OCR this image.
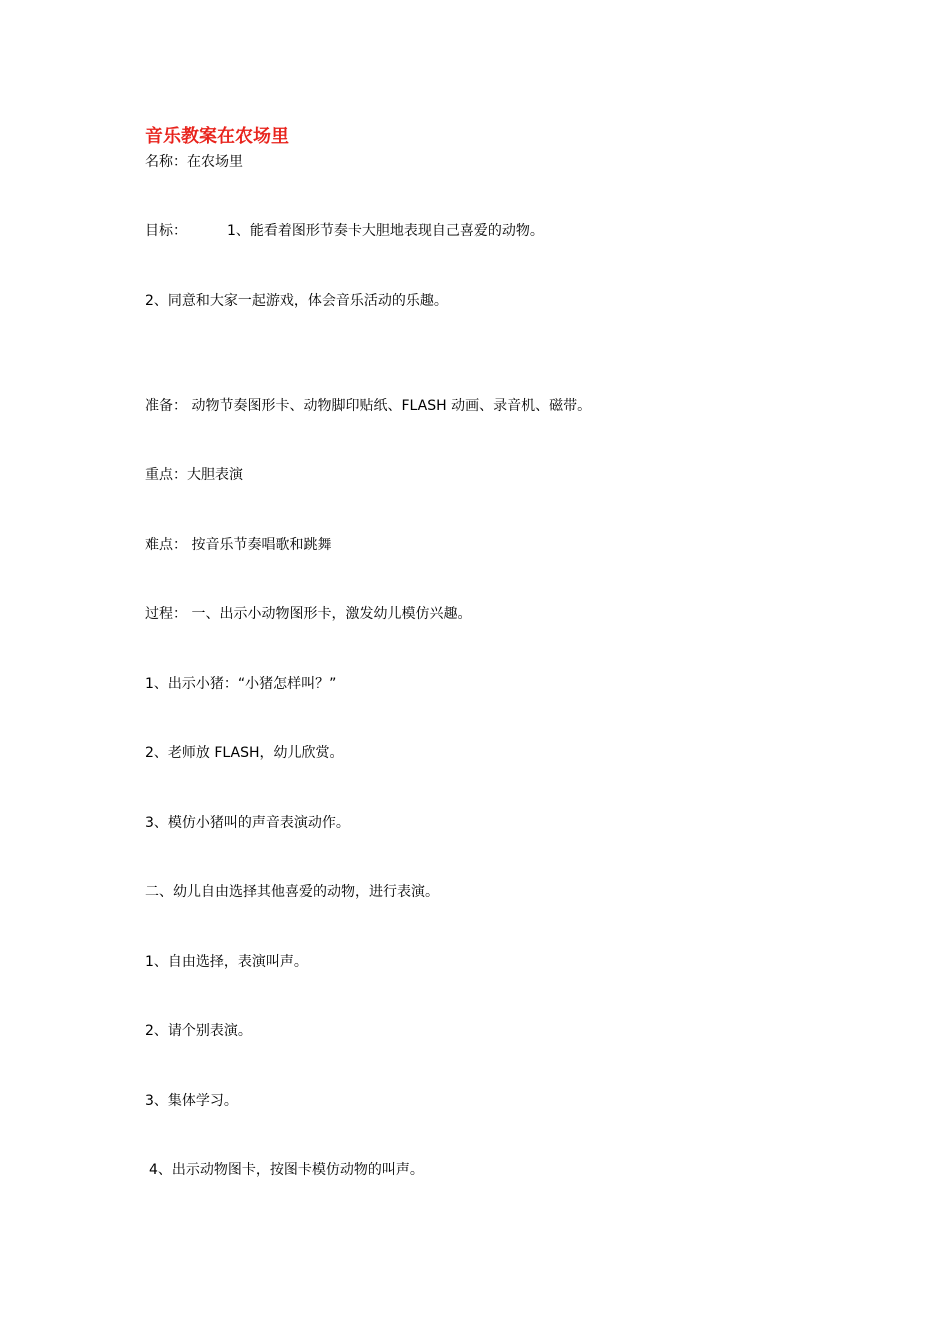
音乐教案在农场里
名称：在农场里
目标：	1、能看着图形节奏卡大胆地表现自己喜爱的动物。
2、同意和大家一起游戏，体会音乐活动的乐趣。
准备： 动物节奏图形卡、动物脚印贴纸、FLASH 动画、录音机、磁带。
重点：大胆表演
难点： 按音乐节奏唱歌和跳舞
过程： 一、出示小动物图形卡，激发幼儿模仿兴趣。
1、出示小猪：“小猪怎样叫？”
2、老师放 FLASH，幼儿欣赏。
3、模仿小猪叫的声音表演动作。
二、幼儿自由选择其他喜爱的动物，进行表演。
1、自由选择，表演叫声。
2、请个别表演。
3、集体学习。
4、出示动物图卡，按图卡模仿动物的叫声。
